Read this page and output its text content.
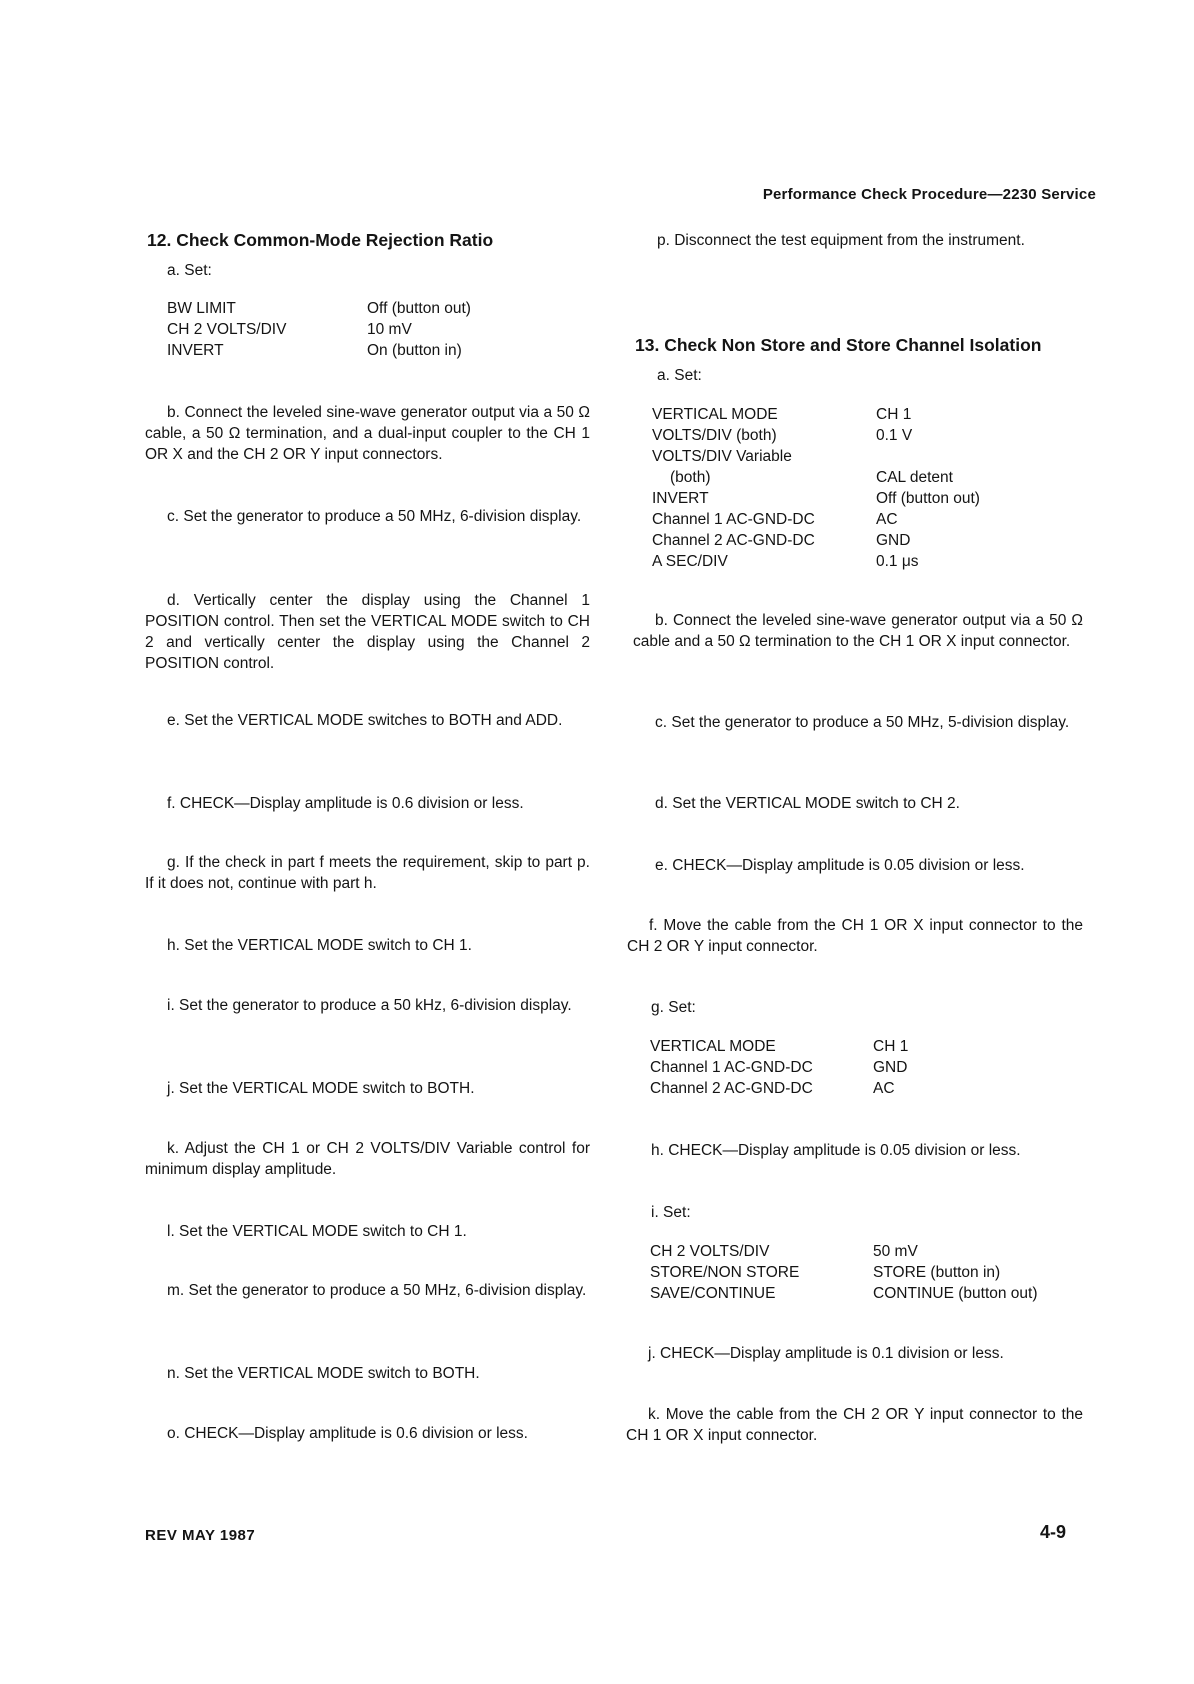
Performance Check Procedure—2230 Service
12. Check Common-Mode Rejection Ratio
a. Set:
BW LIMIT	Off (button out)
CH 2 VOLTS/DIV	10 mV
INVERT	On (button in)
b. Connect the leveled sine-wave generator output via a 50 Ω cable, a 50 Ω termination, and a dual-input coupler to the CH 1 OR X and the CH 2 OR Y input connectors.
c. Set the generator to produce a 50 MHz, 6-division display.
d. Vertically center the display using the Channel 1 POSITION control. Then set the VERTICAL MODE switch to CH 2 and vertically center the display using the Channel 2 POSITION control.
e. Set the VERTICAL MODE switches to BOTH and ADD.
f. CHECK—Display amplitude is 0.6 division or less.
g. If the check in part f meets the requirement, skip to part p. If it does not, continue with part h.
h. Set the VERTICAL MODE switch to CH 1.
i. Set the generator to produce a 50 kHz, 6-division display.
j. Set the VERTICAL MODE switch to BOTH.
k. Adjust the CH 1 or CH 2 VOLTS/DIV Variable control for minimum display amplitude.
l. Set the VERTICAL MODE switch to CH 1.
m. Set the generator to produce a 50 MHz, 6-division display.
n. Set the VERTICAL MODE switch to BOTH.
o. CHECK—Display amplitude is 0.6 division or less.
p. Disconnect the test equipment from the instrument.
13. Check Non Store and Store Channel Isolation
a. Set:
VERTICAL MODE	CH 1
VOLTS/DIV (both)	0.1 V
VOLTS/DIV Variable
(both)	CAL detent
INVERT	Off (button out)
Channel 1 AC-GND-DC	AC
Channel 2 AC-GND-DC	GND
A SEC/DIV	0.1 μs
b. Connect the leveled sine-wave generator output via a 50 Ω cable and a 50 Ω termination to the CH 1 OR X input connector.
c. Set the generator to produce a 50 MHz, 5-division display.
d. Set the VERTICAL MODE switch to CH 2.
e. CHECK—Display amplitude is 0.05 division or less.
f. Move the cable from the CH 1 OR X input connector to the CH 2 OR Y input connector.
g. Set:
VERTICAL MODE	CH 1
Channel 1 AC-GND-DC	GND
Channel 2 AC-GND-DC	AC
h. CHECK—Display amplitude is 0.05 division or less.
i. Set:
CH 2 VOLTS/DIV	50 mV
STORE/NON STORE	STORE (button in)
SAVE/CONTINUE	CONTINUE (button out)
j. CHECK—Display amplitude is 0.1 division or less.
k. Move the cable from the CH 2 OR Y input connector to the CH 1 OR X input connector.
REV MAY 1987	4-9
